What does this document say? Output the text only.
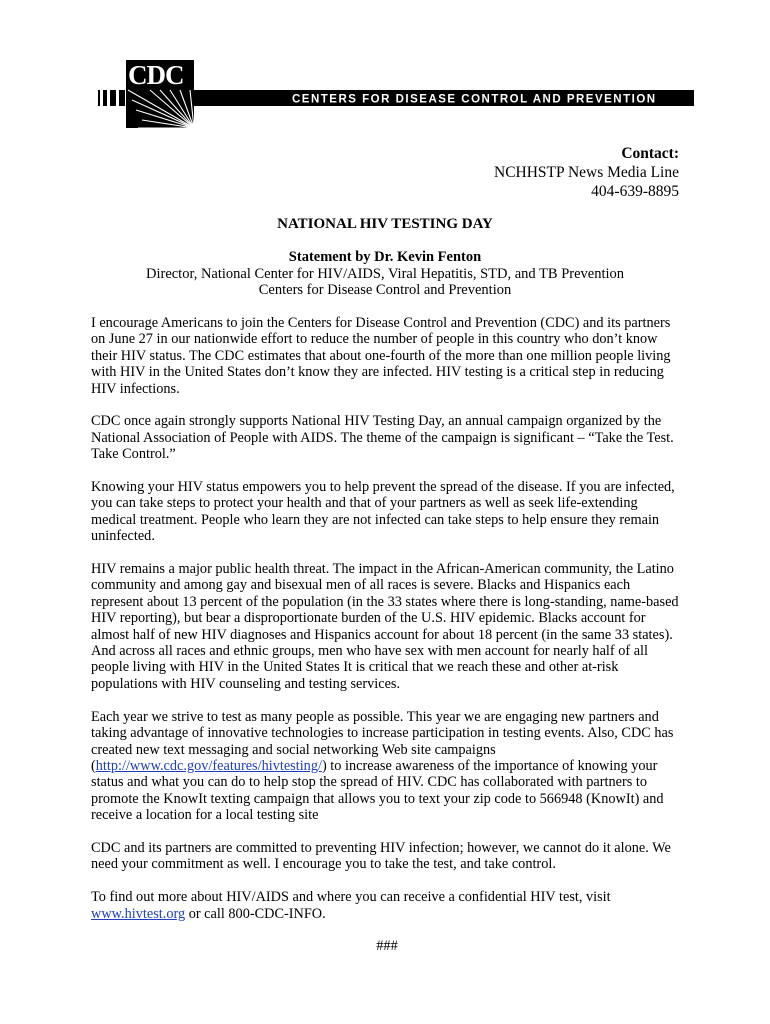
CDC
CENTERS FOR DISEASE CONTROL AND PREVENTION
Contact:
NCHHSTP News Media Line
404-639-8895
NATIONAL HIV TESTING DAY
Statement by Dr. Kevin Fenton
Director, National Center for HIV/AIDS, Viral Hepatitis, STD, and TB Prevention
Centers for Disease Control and Prevention

I encourage Americans to join the Centers for Disease Control and Prevention (CDC) and its partners on June 27 in our nationwide effort to reduce the number of people in this country who don’t know their HIV status. The CDC estimates that about one-fourth of the more than one million people living with HIV in the United States don’t know they are infected. HIV testing is a critical step in reducing HIV infections.

CDC once again strongly supports National HIV Testing Day, an annual campaign organized by the National Association of People with AIDS. The theme of the campaign is significant – “Take the Test. Take Control.”

Knowing your HIV status empowers you to help prevent the spread of the disease. If you are infected, you can take steps to protect your health and that of your partners as well as seek life-extending medical treatment. People who learn they are not infected can take steps to help ensure they remain uninfected.

HIV remains a major public health threat. The impact in the African-American community, the Latino community and among gay and bisexual men of all races is severe. Blacks and Hispanics each represent about 13 percent of the population (in the 33 states where there is long-standing, name-based HIV reporting), but bear a disproportionate burden of the U.S. HIV epidemic. Blacks account for almost half of new HIV diagnoses and Hispanics account for about 18 percent (in the same 33 states). And across all races and ethnic groups, men who have sex with men account for nearly half of all people living with HIV in the United States It is critical that we reach these and other at-risk populations with HIV counseling and testing services.

Each year we strive to test as many people as possible. This year we are engaging new partners and taking advantage of innovative technologies to increase participation in testing events. Also, CDC has created new text messaging and social networking Web site campaigns (http://www.cdc.gov/features/hivtesting/) to increase awareness of the importance of knowing your status and what you can do to help stop the spread of HIV. CDC has collaborated with partners to promote the KnowIt texting campaign that allows you to text your zip code to 566948 (KnowIt) and receive a location for a local testing site

CDC and its partners are committed to preventing HIV infection; however, we cannot do it alone. We need your commitment as well. I encourage you to take the test, and take control.

To find out more about HIV/AIDS and where you can receive a confidential HIV test, visit www.hivtest.org or call 800-CDC-INFO.

###
